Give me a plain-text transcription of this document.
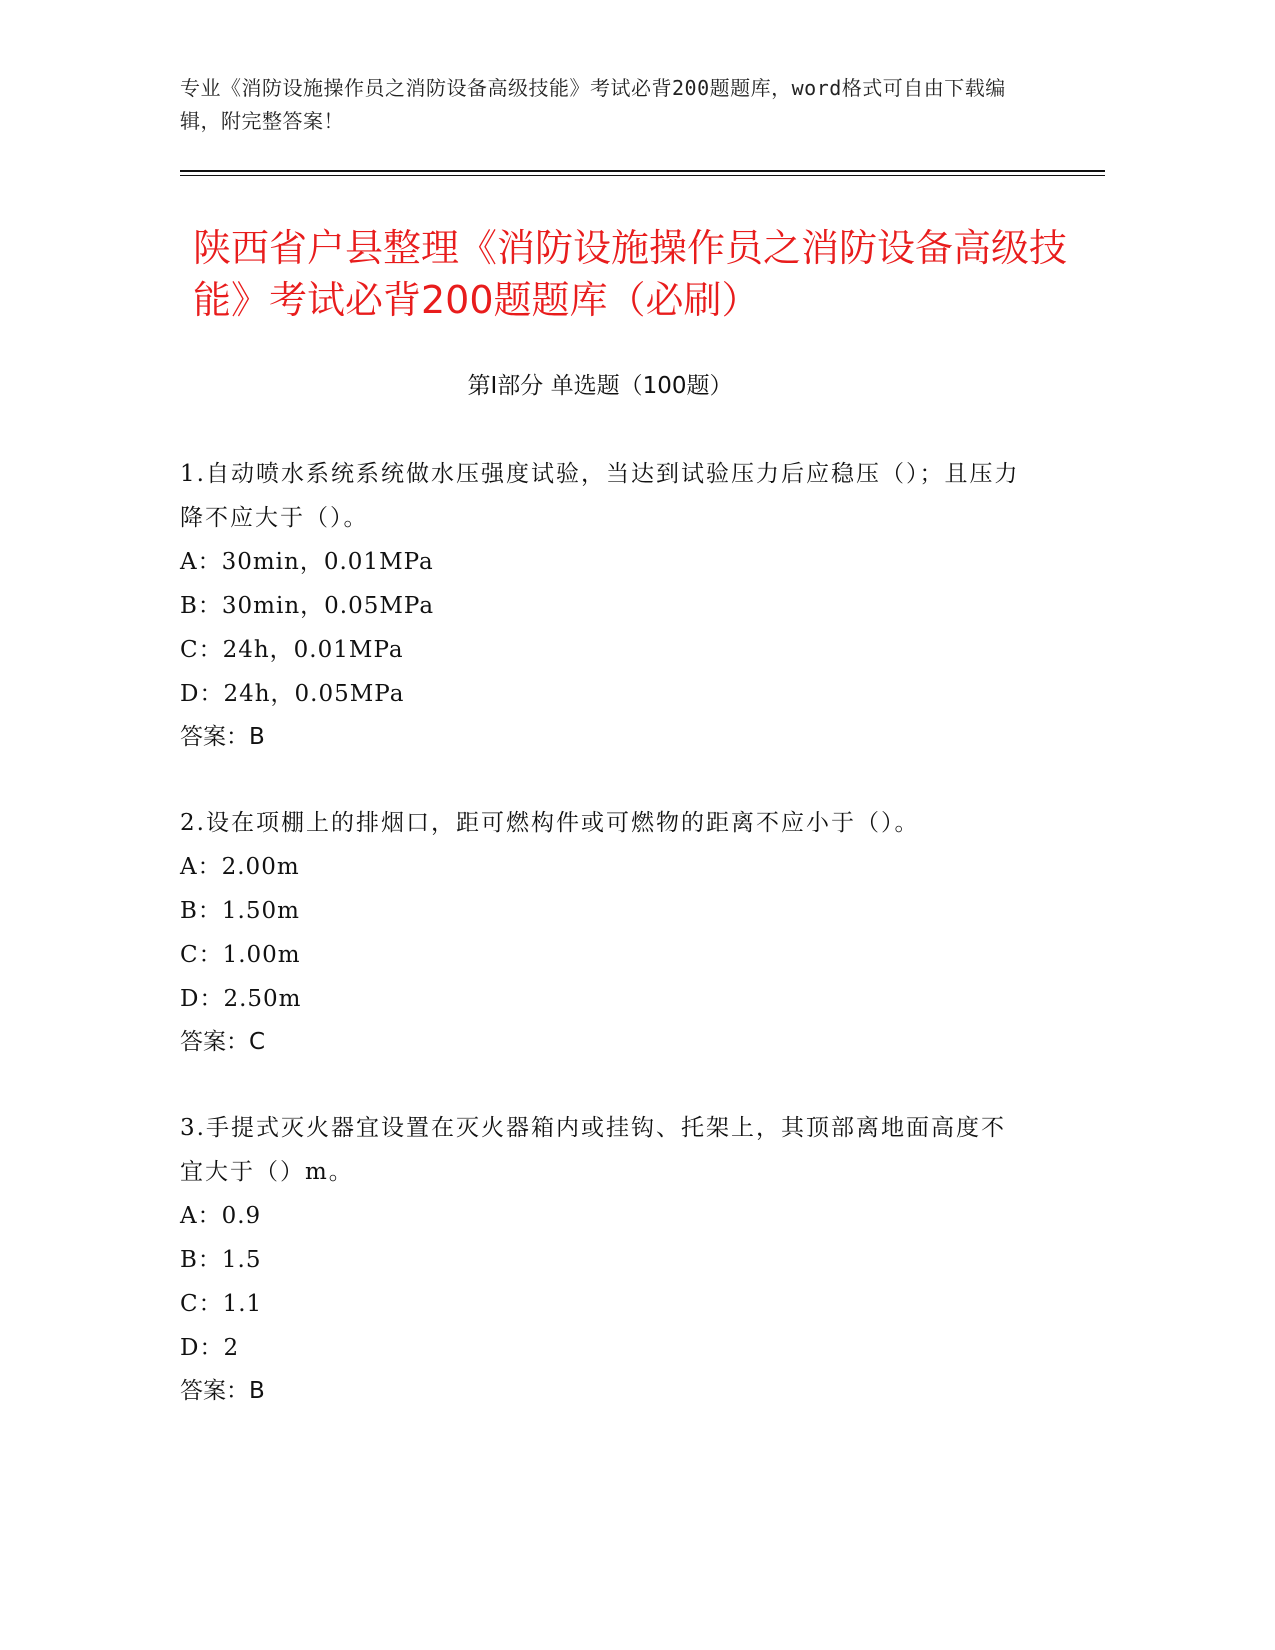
专业《消防设施操作员之消防设备高级技能》考试必背200题题库，word格式可自由下载编辑，附完整答案！
陕西省户县整理《消防设施操作员之消防设备高级技能》考试必背200题题库（必刷）
第I部分 单选题（100题）
1.自动喷水系统系统做水压强度试验，当达到试验压力后应稳压（）；且压力降不应大于（）。
A：30min，0.01MPa
B：30min，0.05MPa
C：24h，0.01MPa
D：24h，0.05MPa
答案：B
2.设在项棚上的排烟口，距可燃构件或可燃物的距离不应小于（）。
A：2.00m
B：1.50m
C：1.00m
D：2.50m
答案：C
3.手提式灭火器宜设置在灭火器箱内或挂钩、托架上，其顶部离地面高度不宜大于（）m。
A：0.9
B：1.5
C：1.1
D：2
答案：B
